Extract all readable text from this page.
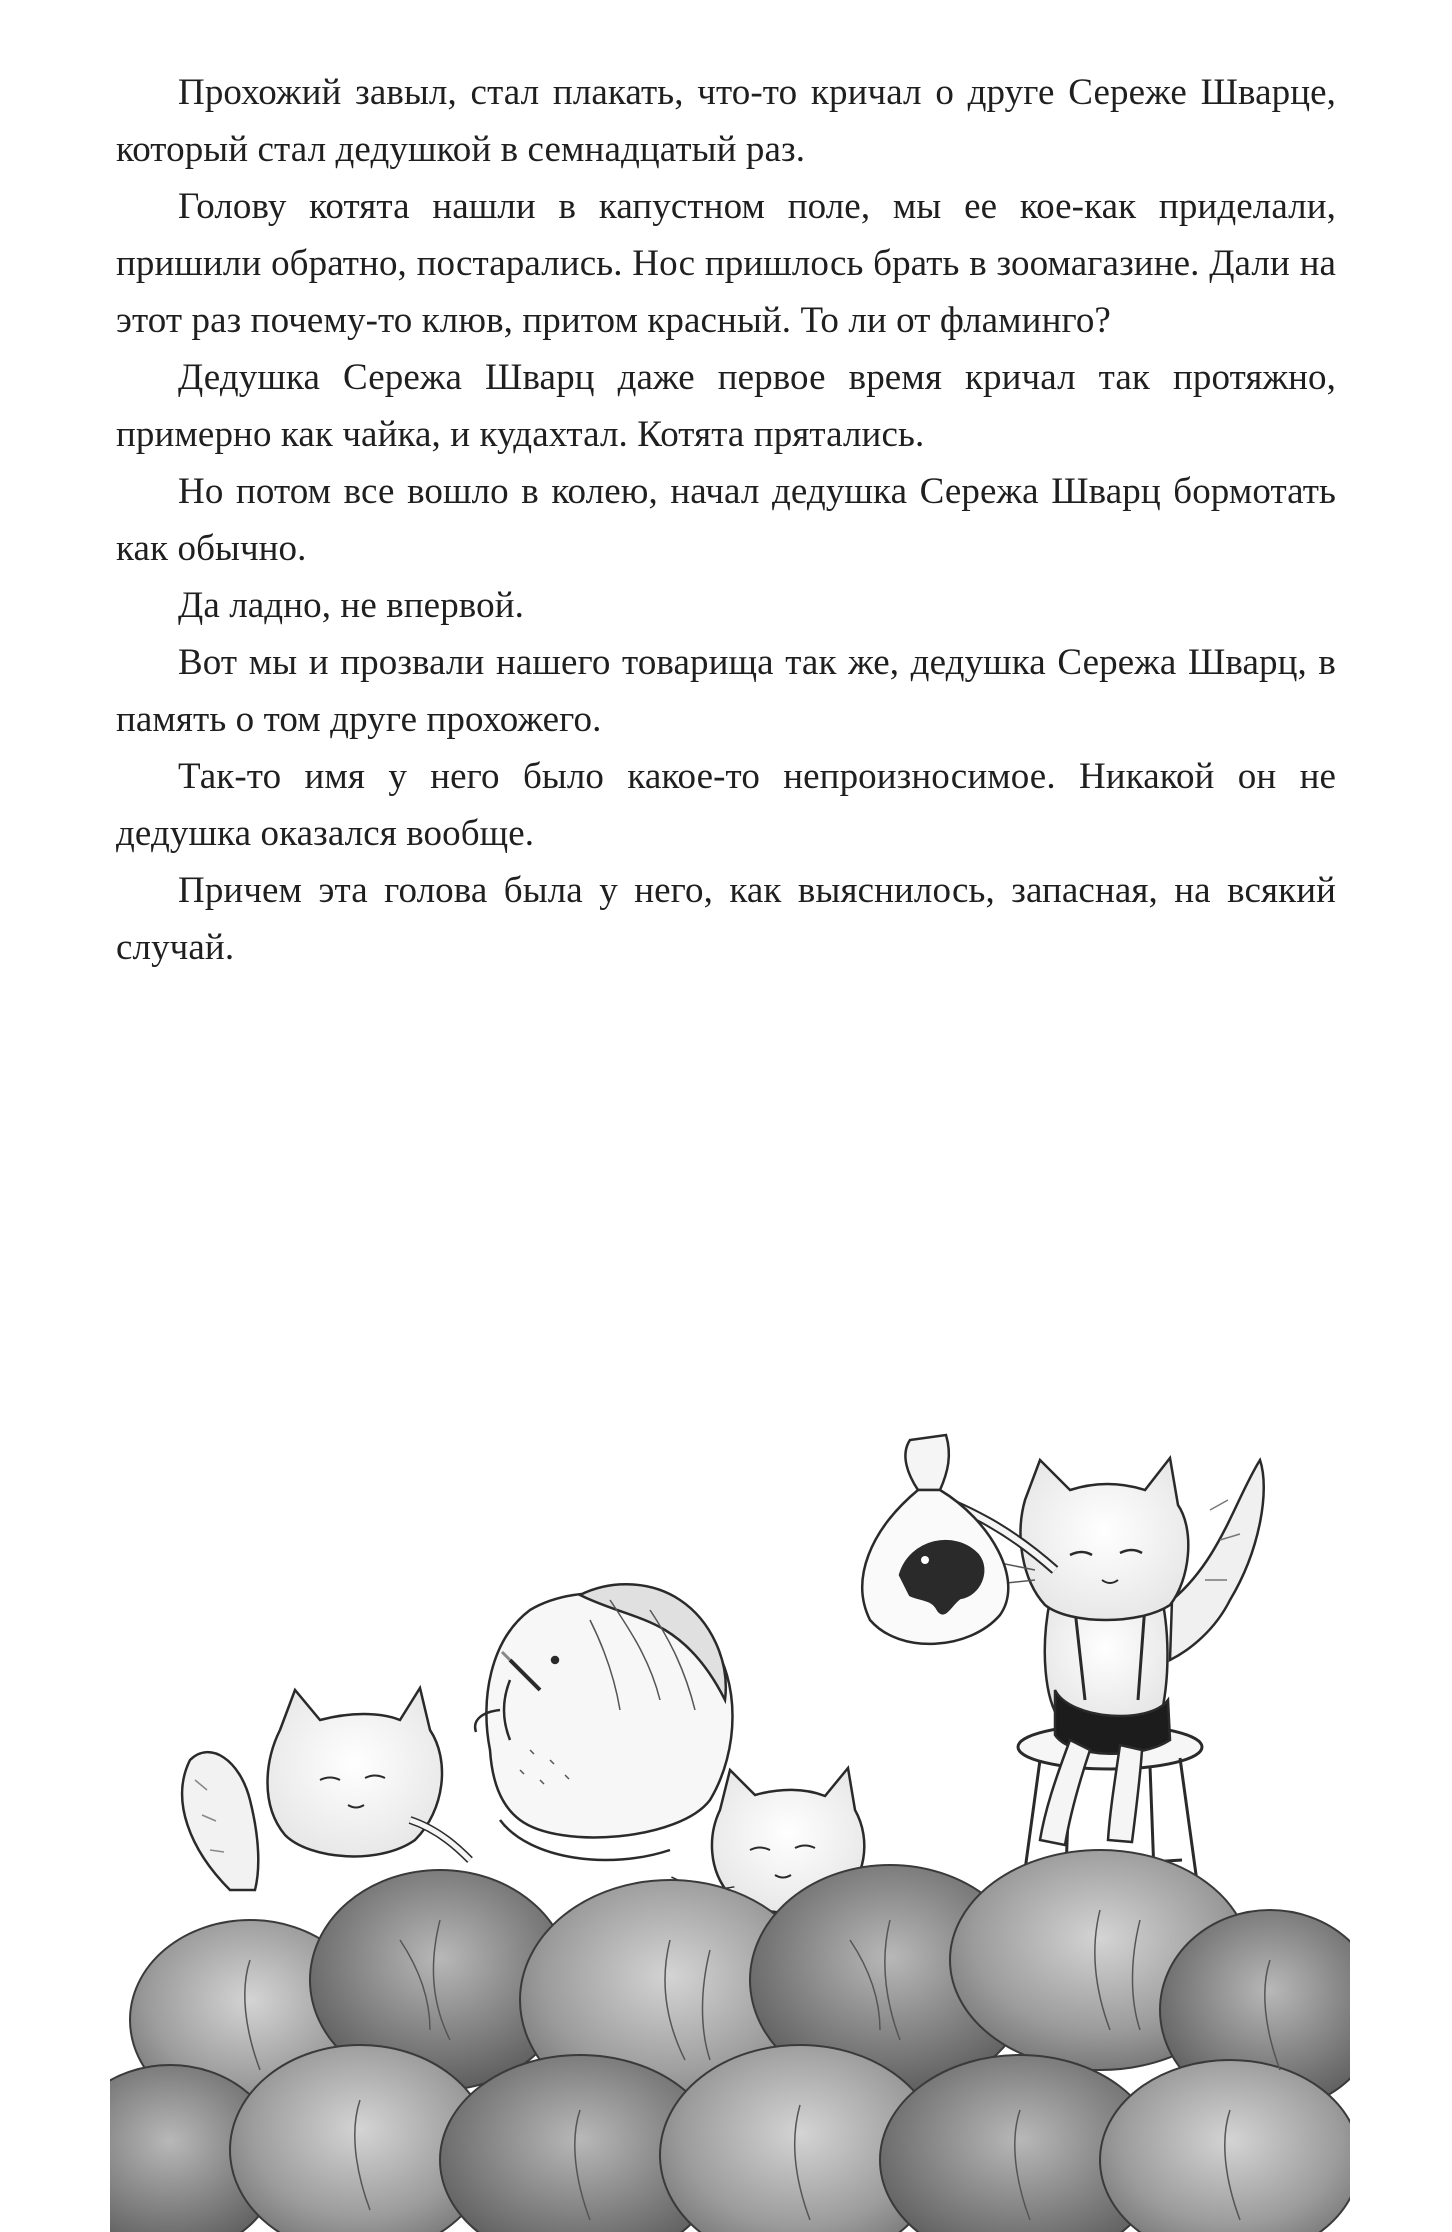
Прохожий завыл, стал плакать, что-то кричал о друге Сереже Шварце, который стал дедушкой в семнадцатый раз.

Голову котята нашли в капустном поле, мы ее кое-как приделали, пришили обратно, постарались. Нос пришлось брать в зоомагазине. Дали на этот раз почему-то клюв, притом красный. То ли от фламинго?

Дедушка Сережа Шварц даже первое время кричал так протяжно, примерно как чайка, и кудахтал. Котята прятались.

Но потом все вошло в колею, начал дедушка Сережа Шварц бормотать как обычно.

Да ладно, не впервой.

Вот мы и прозвали нашего товарища так же, дедушка Сережа Шварц, в память о том друге прохожего.

Так-то имя у него было какое-то непроизносимое. Никакой он не дедушка оказался вообще.

Причем эта голова была у него, как выяснилось, запасная, на всякий случай.
